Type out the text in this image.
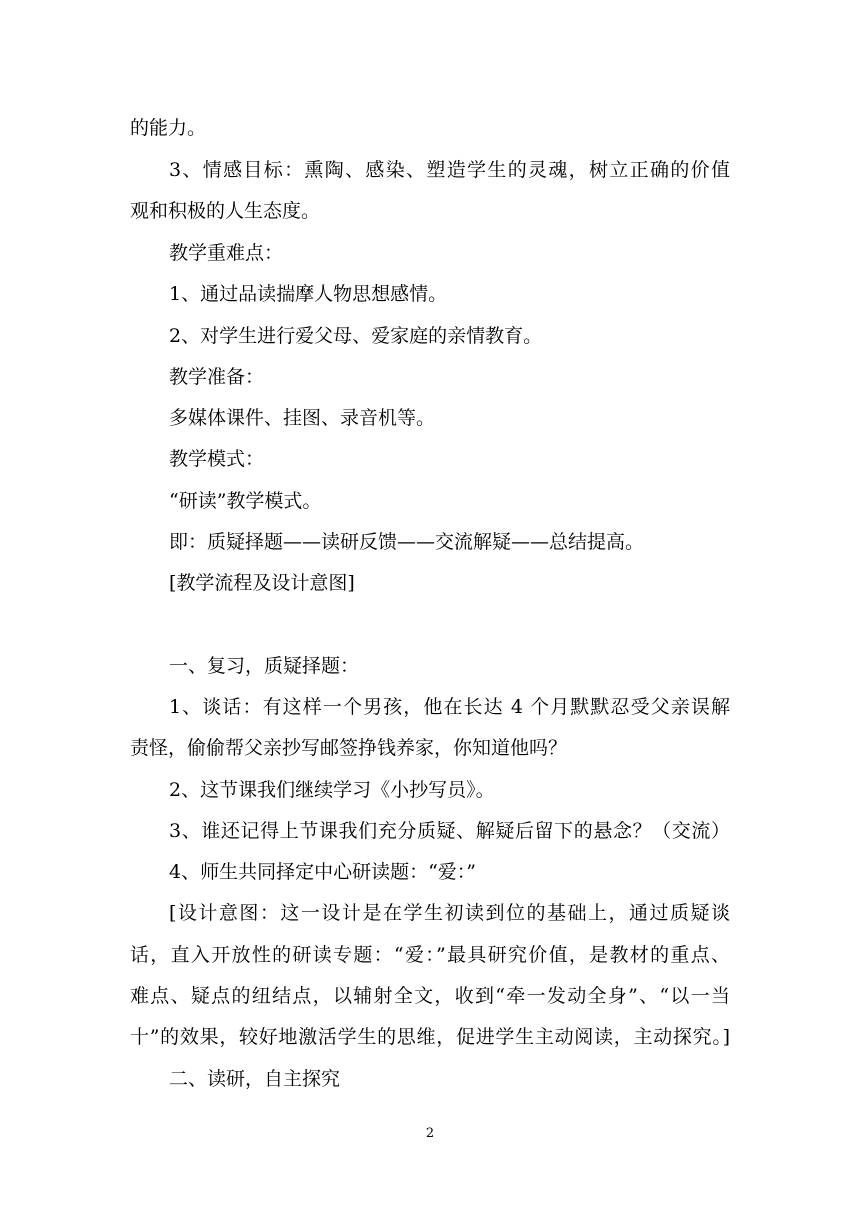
的能力。
3、情感目标：熏陶、感染、塑造学生的灵魂，树立正确的价值
观和积极的人生态度。
教学重难点：
1、通过品读揣摩人物思想感情。
2、对学生进行爱父母、爱家庭的亲情教育。
教学准备：
多媒体课件、挂图、录音机等。
教学模式：
“研读”教学模式。
即：质疑择题——读研反馈——交流解疑——总结提高。
[教学流程及设计意图]
一、复习，质疑择题：
1、谈话：有这样一个男孩，他在长达 4 个月默默忍受父亲误解
责怪，偷偷帮父亲抄写邮签挣钱养家，你知道他吗？
2、这节课我们继续学习《小抄写员》。
3、谁还记得上节课我们充分质疑、解疑后留下的悬念？（交流）
4、师生共同择定中心研读题：“爱：”
[设计意图：这一设计是在学生初读到位的基础上，通过质疑谈
话，直入开放性的研读专题：“爱：”最具研究价值，是教材的重点、
难点、疑点的纽结点，以辅射全文，收到“牵一发动全身”、“以一当
十”的效果，较好地激活学生的思维，促进学生主动阅读，主动探究。]
二、读研，自主探究
2
